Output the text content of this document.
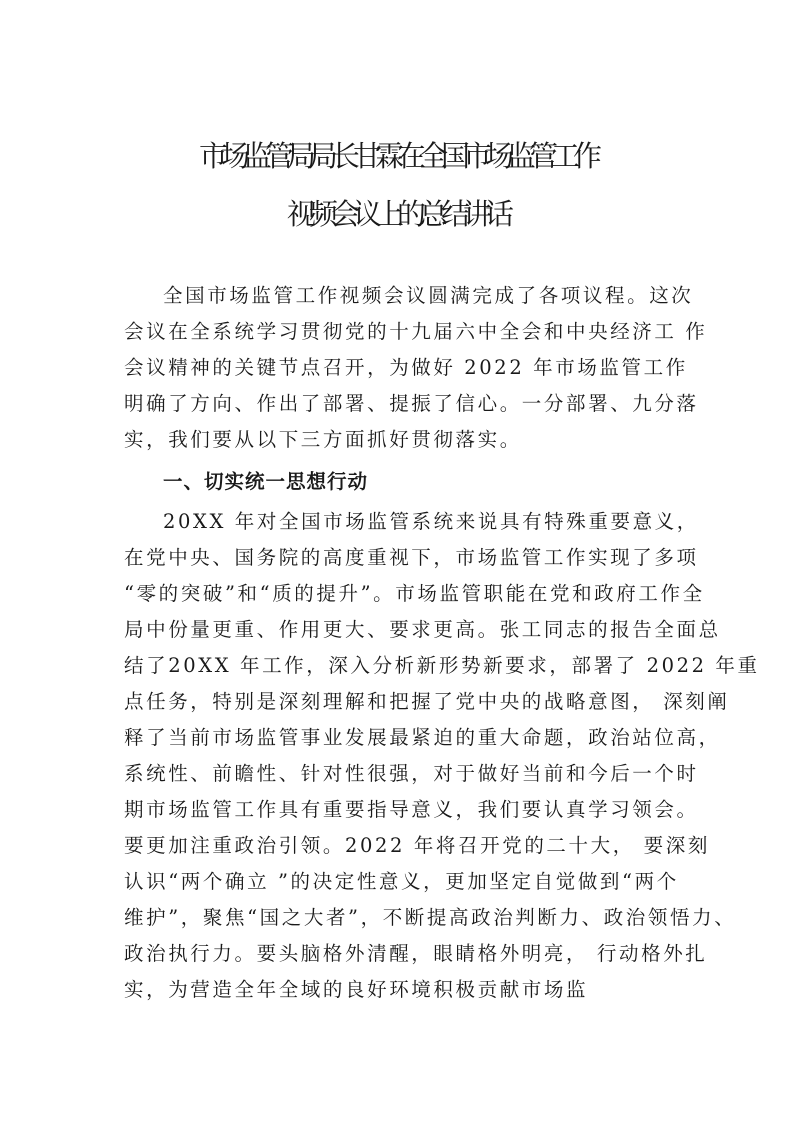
市场监管局局长甘霖在全国市场监管工作
视频会议上的总结讲话
全国市场监管工作视频会议圆满完成了各项议程。这次
会议在全系统学习贯彻党的十九届六中全会和中央经济工 作
会议精神的关键节点召开，为做好 2022 年市场监管工作
明确了方向、作出了部署、提振了信心。一分部署、九分落
实，我们要从以下三方面抓好贯彻落实。
一、切实统一思想行动
20XX 年对全国市场监管系统来说具有特殊重要意义，
在党中央、国务院的高度重视下，市场监管工作实现了多项
“零的突破”和“质的提升”。市场监管职能在党和政府工作全
局中份量更重、作用更大、要求更高。张工同志的报告全面总
结了20XX 年工作，深入分析新形势新要求，部署了 2022 年重
点任务，特别是深刻理解和把握了党中央的战略意图， 深刻阐
释了当前市场监管事业发展最紧迫的重大命题，政治站位高，
系统性、前瞻性、针对性很强，对于做好当前和今后一个时
期市场监管工作具有重要指导意义，我们要认真学习领会。
要更加注重政治引领。2022 年将召开党的二十大， 要深刻
认识“两个确立 ”的决定性意义，更加坚定自觉做到“两个
维护”，聚焦“国之大者”，不断提高政治判断力、政治领悟力、
政治执行力。要头脑格外清醒，眼睛格外明亮， 行动格外扎
实，为营造全年全域的良好环境积极贡献市场监
